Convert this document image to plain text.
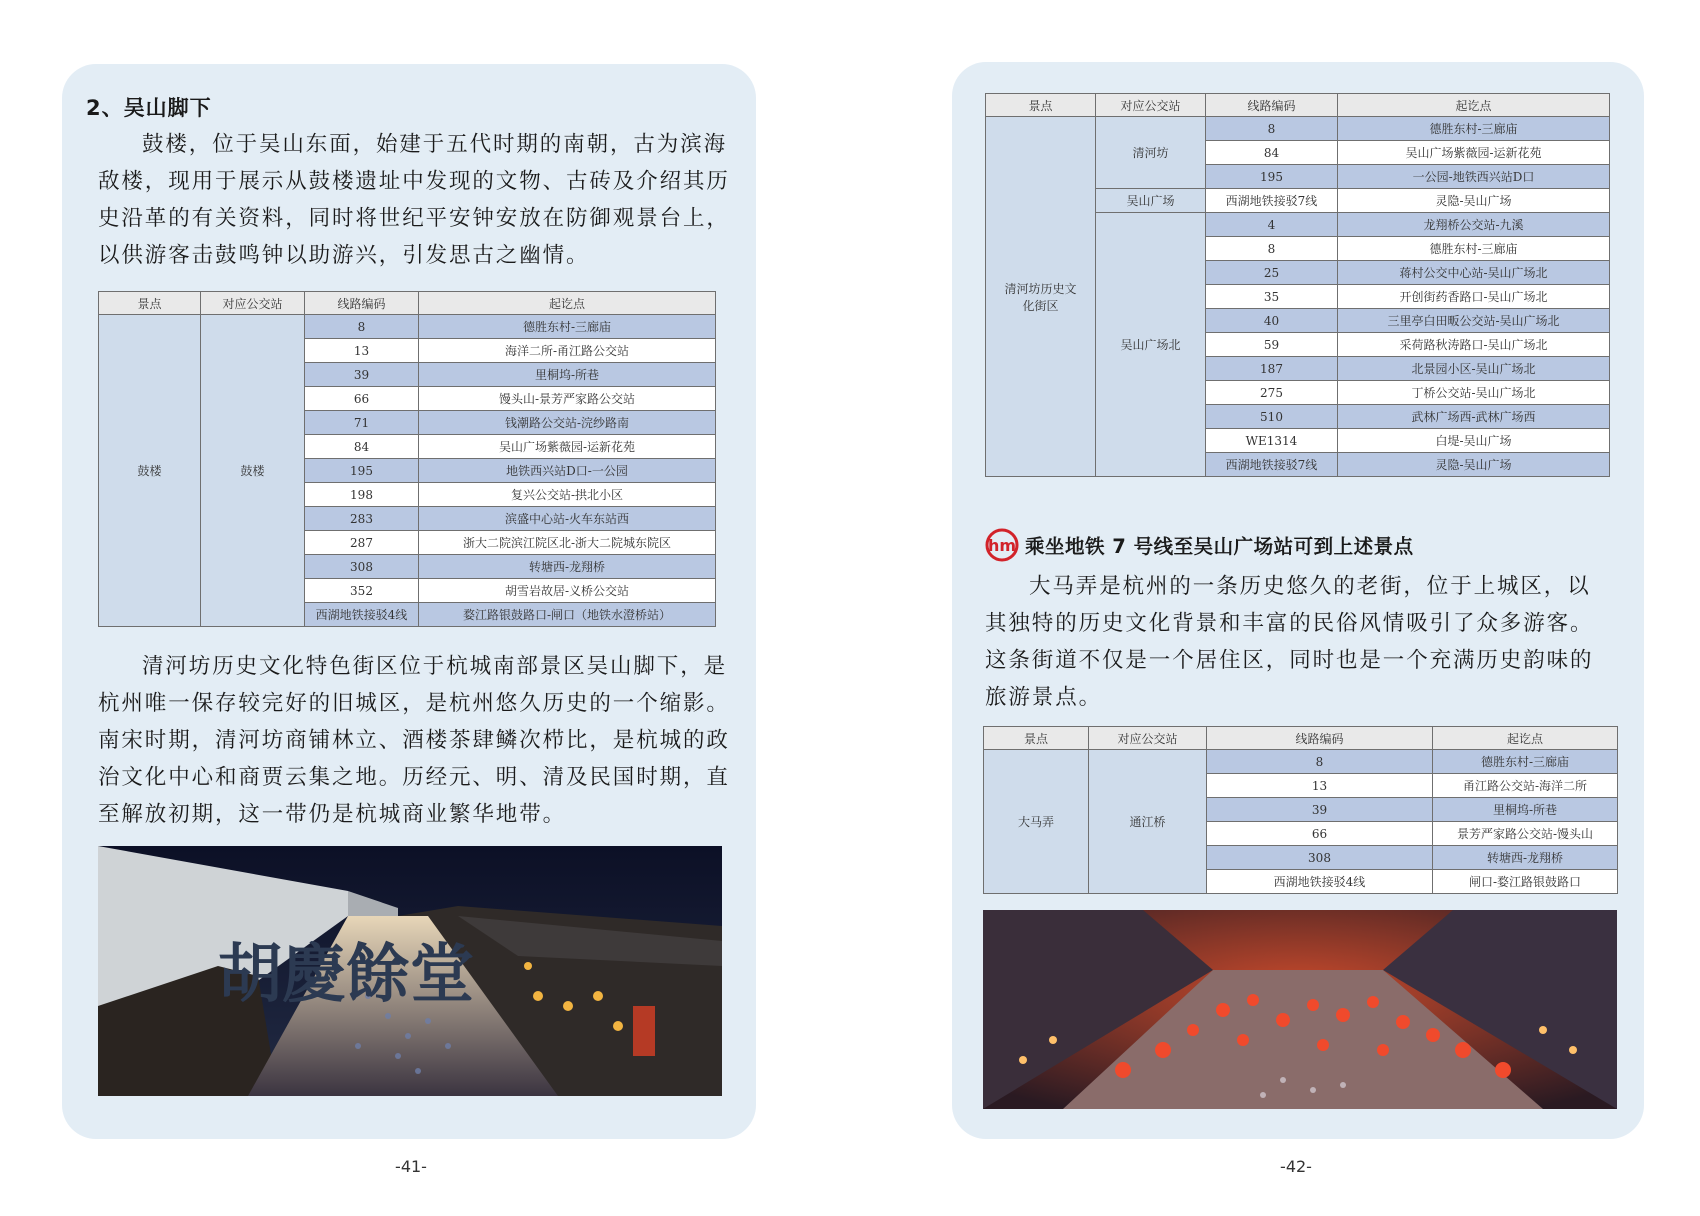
2、吴山脚下

鼓楼，位于吴山东面，始建于五代时期的南朝，古为滨海

敌楼，现用于展示从鼓楼遗址中发现的文物、古砖及介绍其历

史沿革的有关资料，同时将世纪平安钟安放在防御观景台上，

以供游客击鼓鸣钟以助游兴，引发思古之幽情。

景点	对应公交站	线路编码	起讫点
鼓楼	鼓楼	8	德胜东村-三廊庙
		13	海洋二所-甬江路公交站
		39	里桐坞-所巷
		66	馒头山-景芳严家路公交站
		71	钱潮路公交站-浣纱路南
		84	吴山广场紫薇园-运新花苑
		195	地铁西兴站D口-一公园
		198	复兴公交站-拱北小区
		283	滨盛中心站-火车东站西
		287	浙大二院滨江院区北-浙大二院城东院区
		308	转塘西-龙翔桥
		352	胡雪岩故居-义桥公交站
		西湖地铁接驳4线	婺江路银鼓路口-闸口（地铁水澄桥站）

清河坊历史文化特色街区位于杭城南部景区吴山脚下，是

杭州唯一保存较完好的旧城区，是杭州悠久历史的一个缩影。

南宋时期，清河坊商铺林立、酒楼茶肆鳞次栉比，是杭城的政

治文化中心和商贾云集之地。历经元、明、清及民国时期，直

至解放初期，这一带仍是杭城商业繁华地带。

胡慶餘堂
-41-
景点	对应公交站	线路编码	起讫点
清河坊历史文化街区	清河坊	8	德胜东村-三廊庙
		84	吴山广场紫薇园-运新花苑
		195	一公园-地铁西兴站D口
	吴山广场	西湖地铁接驳7线	灵隐-吴山广场
	吴山广场北	4	龙翔桥公交站-九溪
		8	德胜东村-三廊庙
		25	蒋村公交中心站-吴山广场北
		35	开创街药香路口-吴山广场北
		40	三里亭白田畈公交站-吴山广场北
		59	采荷路秋涛路口-吴山广场北
		187	北景园小区-吴山广场北
		275	丁桥公交站-吴山广场北
		510	武林广场西-武林广场西
		WE1314	白堤-吴山广场
		西湖地铁接驳7线	灵隐-吴山广场
hm 乘坐地铁 7 号线至吴山广场站可到上述景点

大马弄是杭州的一条历史悠久的老街，位于上城区，以

其独特的历史文化背景和丰富的民俗风情吸引了众多游客。

这条街道不仅是一个居住区，同时也是一个充满历史韵味的

旅游景点。

景点	对应公交站	线路编码	起讫点
大马弄	通江桥	8	德胜东村-三廊庙
		13	甬江路公交站-海洋二所
		39	里桐坞-所巷
		66	景芳严家路公交站-馒头山
		308	转塘西-龙翔桥
		西湖地铁接驳4线	闸口-婺江路银鼓路口
-42-
